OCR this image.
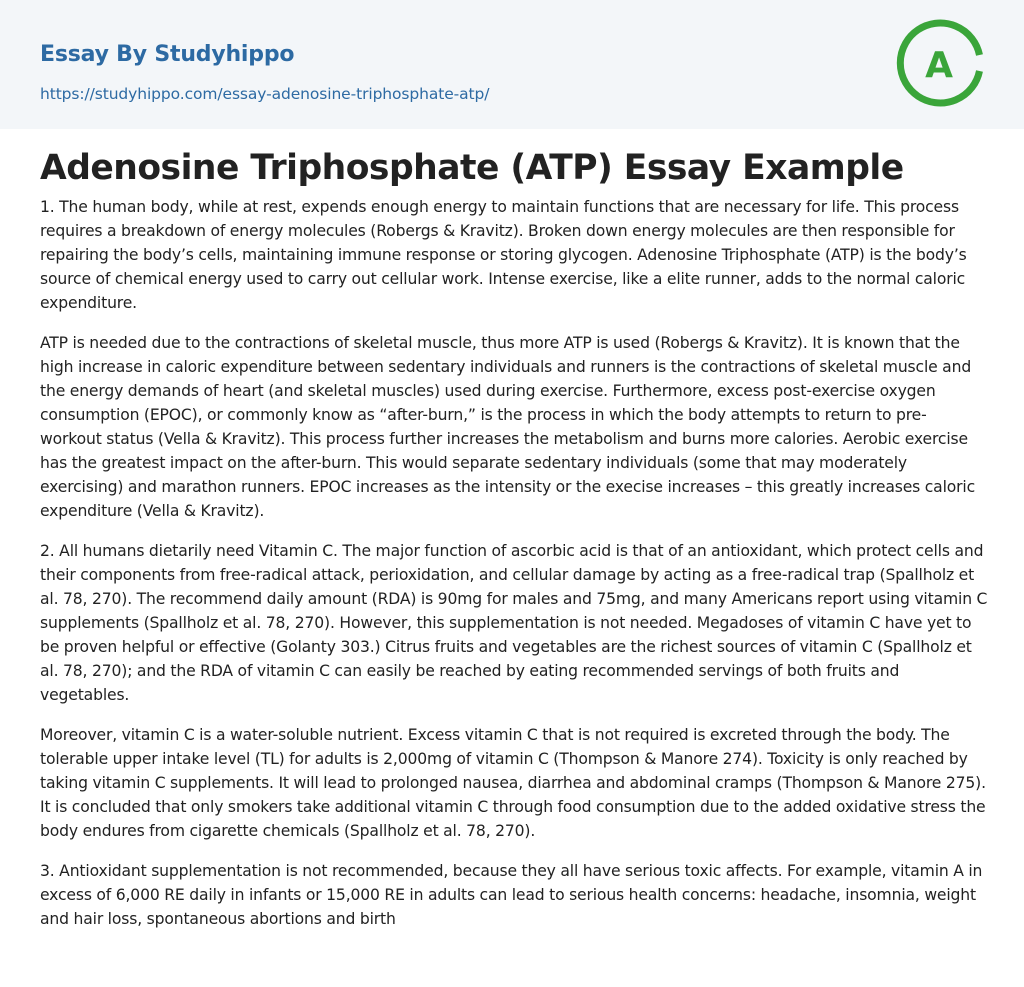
Essay By Studyhippo
https://studyhippo.com/essay-adenosine-triphosphate-atp/
A
Adenosine Triphosphate (ATP) Essay Example

1. The human body, while at rest, expends enough energy to maintain functions that are necessary for life. This process requires a breakdown of energy molecules (Robergs & Kravitz). Broken down energy molecules are then responsible for repairing the body’s cells, maintaining immune response or storing glycogen. Adenosine Triphosphate (ATP) is the body’s source of chemical energy used to carry out cellular work. Intense exercise, like a elite runner, adds to the normal caloric expenditure.

ATP is needed due to the contractions of skeletal muscle, thus more ATP is used (Robergs & Kravitz). It is known that the high increase in caloric expenditure between sedentary individuals and runners is the contractions of skeletal muscle and the energy demands of heart (and skeletal muscles) used during exercise. Furthermore, excess post-exercise oxygen consumption (EPOC), or commonly know as “after-burn,” is the process in which the body attempts to return to pre-workout status (Vella & Kravitz). This process further increases the metabolism and burns more calories. Aerobic exercise has the greatest impact on the after-burn. This would separate sedentary individuals (some that may moderately exercising) and marathon runners. EPOC increases as the intensity or the execise increases – this greatly increases caloric expenditure (Vella & Kravitz).

2. All humans dietarily need Vitamin C. The major function of ascorbic acid is that of an antioxidant, which protect cells and their components from free-radical attack, perioxidation, and cellular damage by acting as a free-radical trap (Spallholz et al. 78, 270). The recommend daily amount (RDA) is 90mg for males and 75mg, and many Americans report using vitamin C supplements (Spallholz et al. 78, 270). However, this supplementation is not needed. Megadoses of vitamin C have yet to be proven helpful or effective (Golanty 303.) Citrus fruits and vegetables are the richest sources of vitamin C (Spallholz et al. 78, 270); and the RDA of vitamin C can easily be reached by eating recommended servings of both fruits and vegetables.

Moreover, vitamin C is a water-soluble nutrient. Excess vitamin C that is not required is excreted through the body. The tolerable upper intake level (TL) for adults is 2,000mg of vitamin C (Thompson & Manore 274). Toxicity is only reached by taking vitamin C supplements. It will lead to prolonged nausea, diarrhea and abdominal cramps (Thompson & Manore 275). It is concluded that only smokers take additional vitamin C through food consumption due to the added oxidative stress the body endures from cigarette chemicals (Spallholz et al. 78, 270).

3. Antioxidant supplementation is not recommended, because they all have serious toxic affects. For example, vitamin A in excess of 6,000 RE daily in infants or 15,000 RE in adults can lead to serious health concerns: headache, insomnia, weight and hair loss, spontaneous abortions and birth
